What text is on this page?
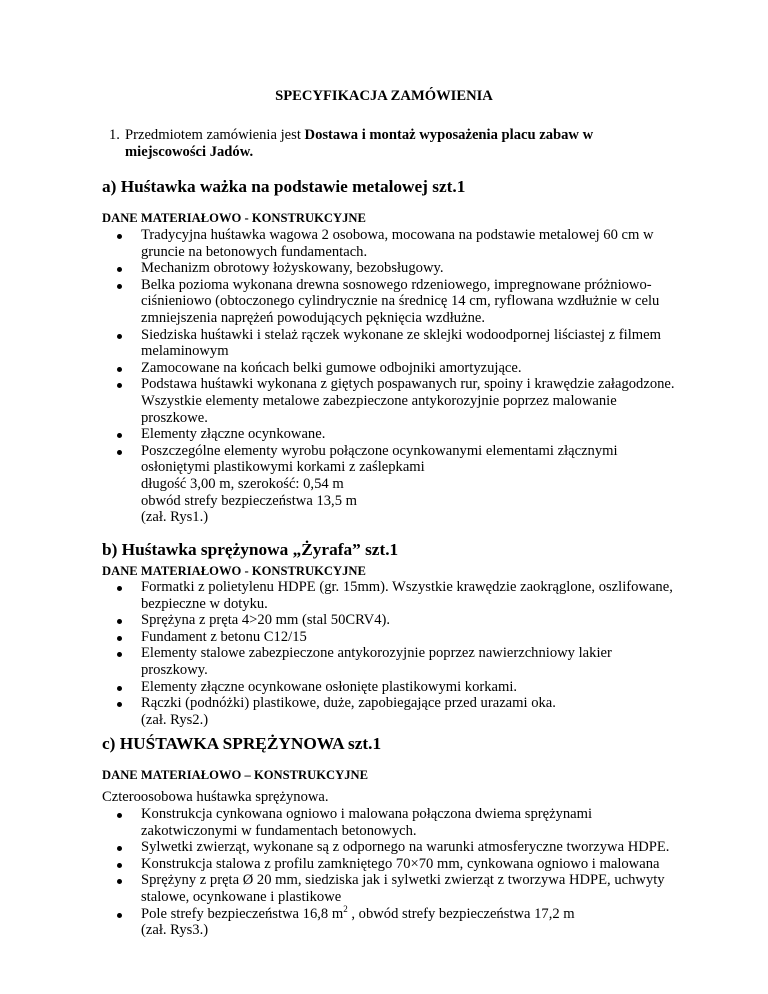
SPECYFIKACJA ZAMÓWIENIA
1. Przedmiotem zamówienia jest Dostawa i montaż wyposażenia placu zabaw w miejscowości Jadów.
a) Huśtawka ważka na podstawie metalowej szt.1
DANE MATERIAŁOWO - KONSTRUKCYJNE
Tradycyjna huśtawka wagowa 2 osobowa, mocowana na podstawie metalowej 60 cm w
gruncie na betonowych fundamentach.
Mechanizm obrotowy łożyskowany, bezobsługowy.
Belka pozioma wykonana drewna sosnowego rdzeniowego, impregnowane próżniowo-
ciśnieniowo (obtoczonego cylindrycznie na średnicę 14 cm, ryflowana wzdłużnie w celu
zmniejszenia naprężeń powodujących pęknięcia wzdłużne.
Siedziska huśtawki i stelaż rączek wykonane ze sklejki wodoodpornej liściastej z filmem
melaminowym
Zamocowane na końcach belki gumowe odbojniki amortyzujące.
Podstawa huśtawki wykonana z giętych pospawanych rur, spoiny i krawędzie załagodzone.
Wszystkie elementy metalowe zabezpieczone antykorozyjnie poprzez malowanie
proszkowe.
Elementy złączne ocynkowane.
Poszczególne elementy wyrobu połączone ocynkowanymi elementami złącznymi
osłoniętymi plastikowymi korkami z zaślepkami
długość 3,00 m, szerokość: 0,54 m
obwód strefy bezpieczeństwa 13,5 m
(zał. Rys1.)
b) Huśtawka sprężynowa „Żyrafa” szt.1
DANE MATERIAŁOWO - KONSTRUKCYJNE
Formatki z polietylenu HDPE (gr. 15mm). Wszystkie krawędzie zaokrąglone, oszlifowane,
bezpieczne w dotyku.
Sprężyna z pręta 4>20 mm (stal 50CRV4).
Fundament z betonu C12/15
Elementy stalowe zabezpieczone antykorozyjnie poprzez nawierzchniowy lakier proszkowy.
Elementy złączne ocynkowane osłonięte plastikowymi korkami.
Rączki (podnóżki) plastikowe, duże, zapobiegające przed urazami oka.
(zał. Rys2.)
c) HUŚTAWKA SPRĘŻYNOWA szt.1
DANE MATERIAŁOWO – KONSTRUKCYJNE
Czteroosobowa huśtawka sprężynowa.
Konstrukcja cynkowana ogniowo i malowana połączona dwiema sprężynami
zakotwiczonymi w fundamentach betonowych.
Sylwetki zwierząt, wykonane są z odpornego na warunki atmosferyczne tworzywa HDPE.
Konstrukcja stalowa z profilu zamkniętego 70×70 mm, cynkowana ogniowo i malowana
Sprężyny z pręta Ø 20 mm, siedziska jak i sylwetki zwierząt z tworzywa HDPE, uchwyty
stalowe, ocynkowane i plastikowe
Pole strefy bezpieczeństwa 16,8 $m^2$ , obwód strefy bezpieczeństwa 17,2 m
(zał. Rys3.)
